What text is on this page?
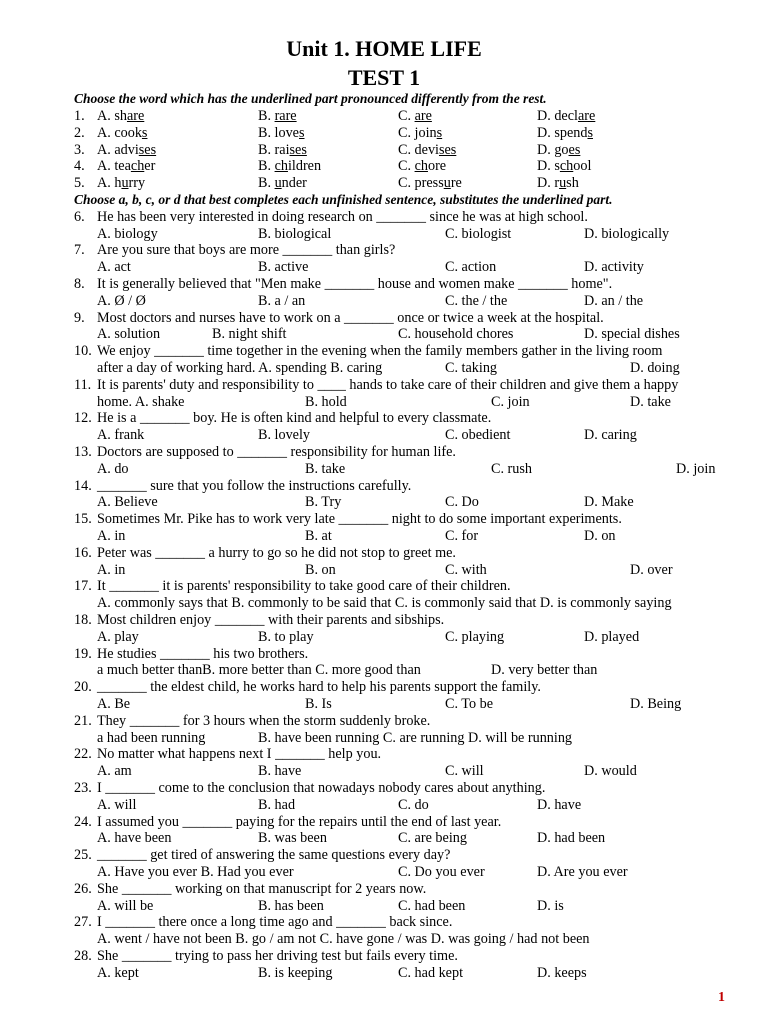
Unit 1. HOME LIFE
TEST 1
Choose the word which has the underlined part pronounced differently from the rest.
1. A. share	B. rare	C. are	D. declare
2. A. cooks	B. loves	C. joins	D. spends
3. A. advises	B. raises	C. devises	D. goes
4. A. teacher	B. children	C. chore	D. school
5. A. hurry	B. under	C. pressure	D. rush
Choose a, b, c, or d that best completes each unfinished sentence, substitutes the underlined part.
6. He has been very interested in doing research on _______ since he was at high school.
A. biology	B. biological	C. biologist	D. biologically
7. Are you sure that boys are more _______ than girls?
A. act	B. active	C. action	D. activity
8. It is generally believed that "Men make _______ house and women make _______ home".
A. Ø / Ø	B. a / an	C. the / the	D. an / the
9. Most doctors and nurses have to work on a _______ once or twice a week at the hospital.
A. solution	B. night shift	C. household chores	D. special dishes
10. We enjoy _______ time together in the evening when the family members gather in the living room
after a day of working hard. A. spending B. caring	C. taking	D. doing
11. It is parents' duty and responsibility to ____ hands to take care of their children and give them a happy
home. A. shake	B. hold	C. join	D. take
12. He is a _______ boy. He is often kind and helpful to every classmate.
A. frank	B. lovely	C. obedient	D. caring
13. Doctors are supposed to _______ responsibility for human life.
A. do	B. take	C. rush	D. join
14. _______ sure that you follow the instructions carefully.
A. Believe	B. Try	C. Do	D. Make
15. Sometimes Mr. Pike has to work very late _______ night to do some important experiments.
A. in	B. at	C. for	D. on
16. Peter was _______ a hurry to go so he did not stop to greet me.
A. in	B. on	C. with	D. over
17. It _______ it is parents' responsibility to take good care of their children.
A. commonly says that B. commonly to be said that C. is commonly said that D. is commonly saying
18. Most children enjoy _______ with their parents and sibships.
A. play	B. to play	C. playing	D. played
19. He studies _______ his two brothers.
a much better thanB. more better than C. more good than	D. very better than
20. _______ the eldest child, he works hard to help his parents support the family.
A. Be	B. Is	C. To be	D. Being
21. They _______ for 3 hours when the storm suddenly broke.
a had been running	B. have been running C. are running D. will be running
22. No matter what happens next I _______ help you.
A. am	B. have	C. will	D. would
23. I _______ come to the conclusion that nowadays nobody cares about anything.
A. will	B. had	C. do	D. have
24. I assumed you _______ paying for the repairs until the end of last year.
A. have been	B. was been	C. are being	D. had been
25. _______ get tired of answering the same questions every day?
A. Have you ever B. Had you ever	C. Do you ever	D. Are you ever
26. She _______ working on that manuscript for 2 years now.
A. will be	B. has been	C. had been	D. is
27. I _______ there once a long time ago and _______ back since.
A. went / have not been B. go / am not C. have gone / was D. was going / had not been
28. She _______ trying to pass her driving test but fails every time.
A. kept	B. is keeping	C. had kept	D. keeps
1
